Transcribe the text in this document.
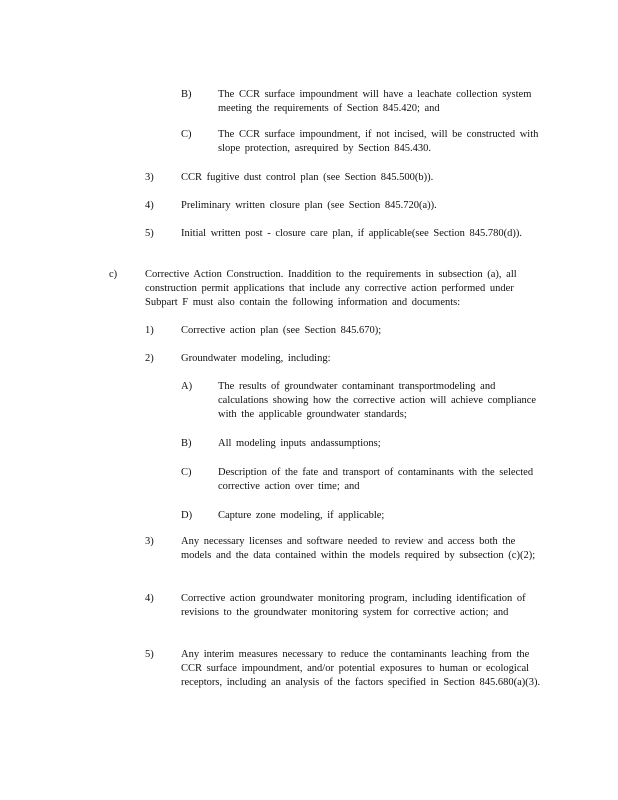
B)	The CCR surface impoundment will have a leachate collection system meeting the requirements of Section 845.420; and
C)	The CCR surface impoundment, if not incised, will be constructed with slope protection, asrequired by Section 845.430.
3)	CCR fugitive dust control plan (see Section 845.500(b)).
4)	Preliminary written closure plan (see Section 845.720(a)).
5)	Initial written post - closure care plan, if applicable(see Section 845.780(d)).
c)	Corrective Action Construction. Inaddition to the requirements in subsection (a), all construction permit applications that include any corrective action performed under Subpart F must also contain the following information and documents:
1)	Corrective action plan (see Section 845.670);
2)	Groundwater modeling, including:
A)	The results of groundwater contaminant transportmodeling and calculations showing how the corrective action will achieve compliance with the applicable groundwater standards;
B)	All modeling inputs andassumptions;
C)	Description of the fate and transport of contaminants with the selected corrective action over time; and
D)	Capture zone modeling, if applicable;
3)	Any necessary licenses and software needed to review and access both the models and the data contained within the models required by subsection (c)(2);
4)	Corrective action groundwater monitoring program, including identification of revisions to the groundwater monitoring system for corrective action; and
5)	Any interim measures necessary to reduce the contaminants leaching from the CCR surface impoundment, and/or potential exposures to human or ecological receptors, including an analysis of the factors specified in Section 845.680(a)(3).
